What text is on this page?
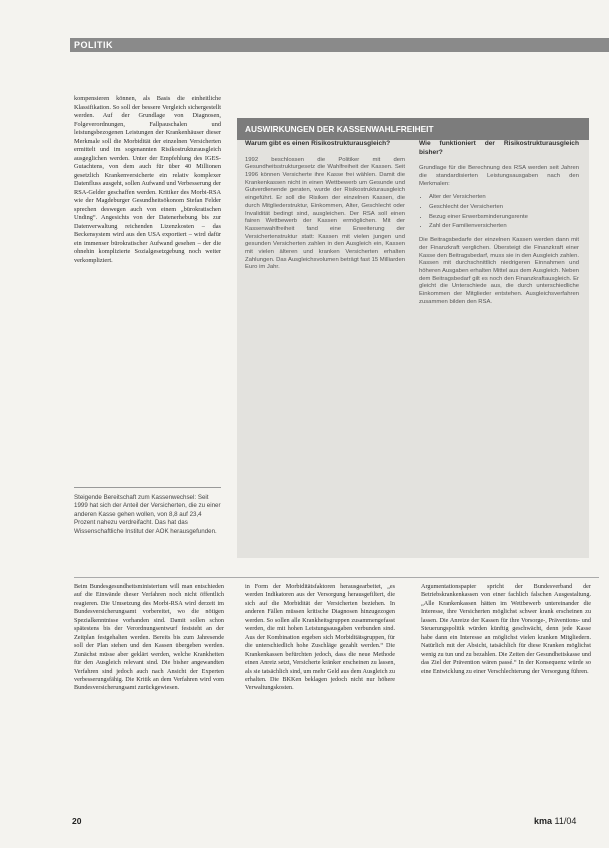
POLITIK
kompensieren können, als Basis die einheitliche Klassifikation. So soll der bessere Vergleich sichergestellt werden. Auf der Grundlage von Diagnosen, Folgeverordnungen, Fallpauschalen und leistungsbezogenen Leistungen der Krankenhäuser dieser Merkmale soll die Morbidität der einzelnen Versicherten ermittelt und im sogenannten Risikostrukturausgleich ausgeglichen werden. Unter der Empfehlung des IGES-Gutachtens, von dem auch für über 40 Millionen gesetzlich Krankenversicherte ein relativ komplexer Datenfluss ausgeht, sollen Aufwand und Verbesserung der RSA-Gelder geschaffen werden. Kritiker des Morbi-RSA wie der Magdeburger Gesundheitsökonom Stefan Felder sprechen deswegen auch von einem „bürokratischen Unding“. Angesichts von der Datenerhebung bis zur Datenverwaltung reichenden Lizenzkosten – das Beckensystem wird aus den USA exportiert – wird dafür ein immenser bürokratischer Aufwand gesehen – der die ohnehin komplizierte Sozialgesetzgebung noch weiter verkompliziert.
Steigende Bereitschaft zum Kassenwechsel: Seit 1999 hat sich der Anteil der Versicherten, die zu einer anderen Kasse gehen wollen, von 8,8 auf 23,4 Prozent nahezu verdreifacht. Das hat das Wissenschaftliche Institut der AOK herausgefunden.
AUSWIRKUNGEN DER KASSENWAHLFREIHEIT
Warum gibt es einen Risikostrukturausgleich?

1992 beschlossen die Politiker mit dem Gesundheitsstrukturgesetz die Wahlfreiheit der Kassen. Seit 1996 können Versicherte ihre Kasse frei wählen. Damit die Krankenkassen nicht in einen Wettbewerb um Gesunde und Gutverdienende geraten, wurde der Risikostrukturausgleich eingeführt. Er soll die Risiken der einzelnen Kassen, die durch Mitgliederstruktur, Einkommen, Alter, Geschlecht oder Invalidität bedingt sind, ausgleichen. Der RSA soll einen fairen Wettbewerb der Kassen ermöglichen. Mit der Kassenwahlfreiheit fand eine Erweiterung der Versichertenstruktur statt: Kassen mit vielen jungen und gesunden Versicherten zahlen in den Ausgleich ein, Kassen mit vielen älteren und kranken Versicherten erhalten Zahlungen. Das Ausgleichsvolumen beträgt fast 15 Milliarden Euro im Jahr.

Wie funktioniert der Risikostrukturausgleich bisher?

Grundlage für die Berechnung des RSA werden seit Jahren die standardisierten Leistungsausgaben nach den Merkmalen:

• Alter der Versicherten
• Geschlecht der Versicherten
• Bezug einer Erwerbsminderungsrente
• Zahl der Familienversicherten

Die Beitragsbedarfe der einzelnen Kassen werden dann mit der Finanzkraft verglichen. Übersteigt die Finanzkraft einer Kasse den Beitragsbedarf, muss sie in den Ausgleich zahlen. Kassen mit durchschnittlich niedrigeren Einnahmen und höheren Ausgaben erhalten Mittel aus dem Ausgleich. Neben dem Beitragsbedarf gilt es noch den Finanzkraftausgleich. Er gleicht die Unterschiede aus, die durch unterschiedliche Einkommen der Mitglieder entstehen. Ausgleichsverfahren zusammen bilden den RSA.

Beim Bundesgesundheitsministerium will man entschieden auf die Einwände dieser Verfahren noch nicht öffentlich reagieren. Die Umsetzung des Morbi-RSA wird derzeit im Bundesversicherungsamt vorbereitet, wo die nötigen Spezialkenntnisse vorhanden sind. Damit sollen schon spätestens bis der Verordnungsentwurf feststeht an der Zeitplan festgehalten werden. Bereits bis zum Jahresende soll der Plan stehen und den Kassen übergeben werden. Zunächst müsse aber geklärt werden, welche Krankheiten für den Ausgleich relevant sind. Die bisher angewandten Verfahren sind jedoch auch nach Ansicht der Experten verbesserungsfähig. Die Kritik an dem Verfahren wird vom Bundesversicherungsamt zurückgewiesen.
in Form der Morbiditätsfaktoren herausgearbeitet, „es werden Indikatoren aus der Versorgung herausgefiltert, die sich auf die Morbidität der Versicherten beziehen. In anderen Fällen müssen kritische Diagnosen hinzugezogen werden. So sollen alle Krankheitsgruppen zusammengefasst werden, die mit hohen Leistungsausgaben verbunden sind. Aus der Kombination ergeben sich Morbiditätsgruppen, für die unterschiedlich hohe Zuschläge gezahlt werden.“ Die Krankenkassen befürchten jedoch, dass die neue Methode einen Anreiz setzt, Versicherte kränker erscheinen zu lassen, als sie tatsächlich sind, um mehr Geld aus dem Ausgleich zu erhalten. Die BKKen beklagen jedoch nicht nur höhere Verwaltungskosten.
Argumentationspapier spricht der Bundesverband der Betriebskrankenkassen von einer fachlich falschen Ausgestaltung. „Alle Krankenkassen hätten im Wettbewerb untereinander die Interesse, ihre Versicherten möglichst schwer krank erscheinen zu lassen. Die Anreize der Kassen für ihre Vorsorge-, Präventions- und Steuerungspolitik würden künftig geschwächt, denn jede Kasse habe dann ein Interesse an möglichst vielen kranken Mitgliedern. Natürlich mit der Absicht, tatsächlich für diese Kranken möglichst wenig zu tun und zu bezahlen. Die Zeiten der Gesundheitskasse und das Ziel der Prävention wären passé.“ In der Konsequenz würde so eine Entwicklung zu einer Verschlechterung der Versorgung führen.
20	kma 11/04
